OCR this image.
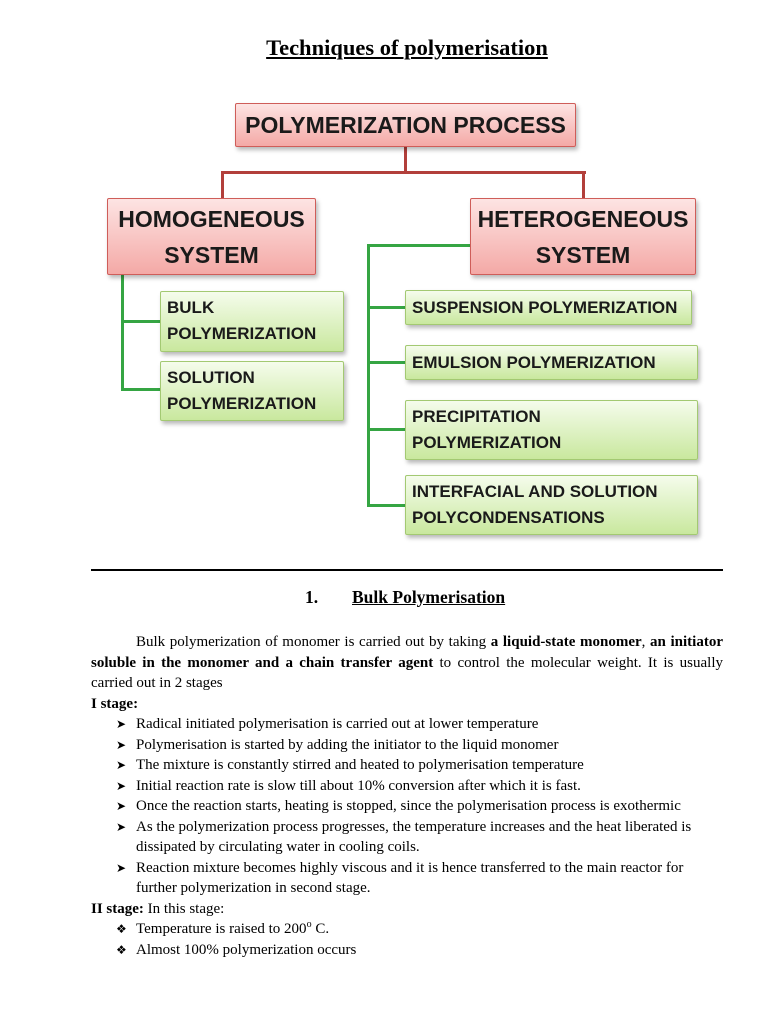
Techniques of polymerisation
POLYMERIZATION PROCESS
HOMOGENEOUS SYSTEM
HETEROGENEOUS SYSTEM
BULK POLYMERIZATION
SOLUTION POLYMERIZATION
SUSPENSION POLYMERIZATION
EMULSION POLYMERIZATION
PRECIPITATION POLYMERIZATION
INTERFACIAL AND SOLUTION POLYCONDENSATIONS
1. Bulk Polymerisation

Bulk polymerization of monomer is carried out by taking a liquid-state monomer, an initiator soluble in the monomer and a chain transfer agent to control the molecular weight. It is usually carried out in 2 stages

I stage:

➤
Radical initiated polymerisation is carried out at lower temperature
➤
Polymerisation is started by adding the initiator to the liquid monomer
➤
The mixture is constantly stirred and heated to polymerisation temperature
➤
Initial reaction rate is slow till about 10% conversion after which it is fast.
➤
Once the reaction starts, heating is stopped, since the polymerisation process is exothermic
➤
As the polymerization process progresses, the temperature increases and the heat liberated is dissipated by circulating water in cooling coils.
➤
Reaction mixture becomes highly viscous and it is hence transferred to the main reactor for further polymerization in second stage.

II stage: In this stage:

❖
Temperature is raised to 200$^o$ C.
❖
Almost 100% polymerization occurs
